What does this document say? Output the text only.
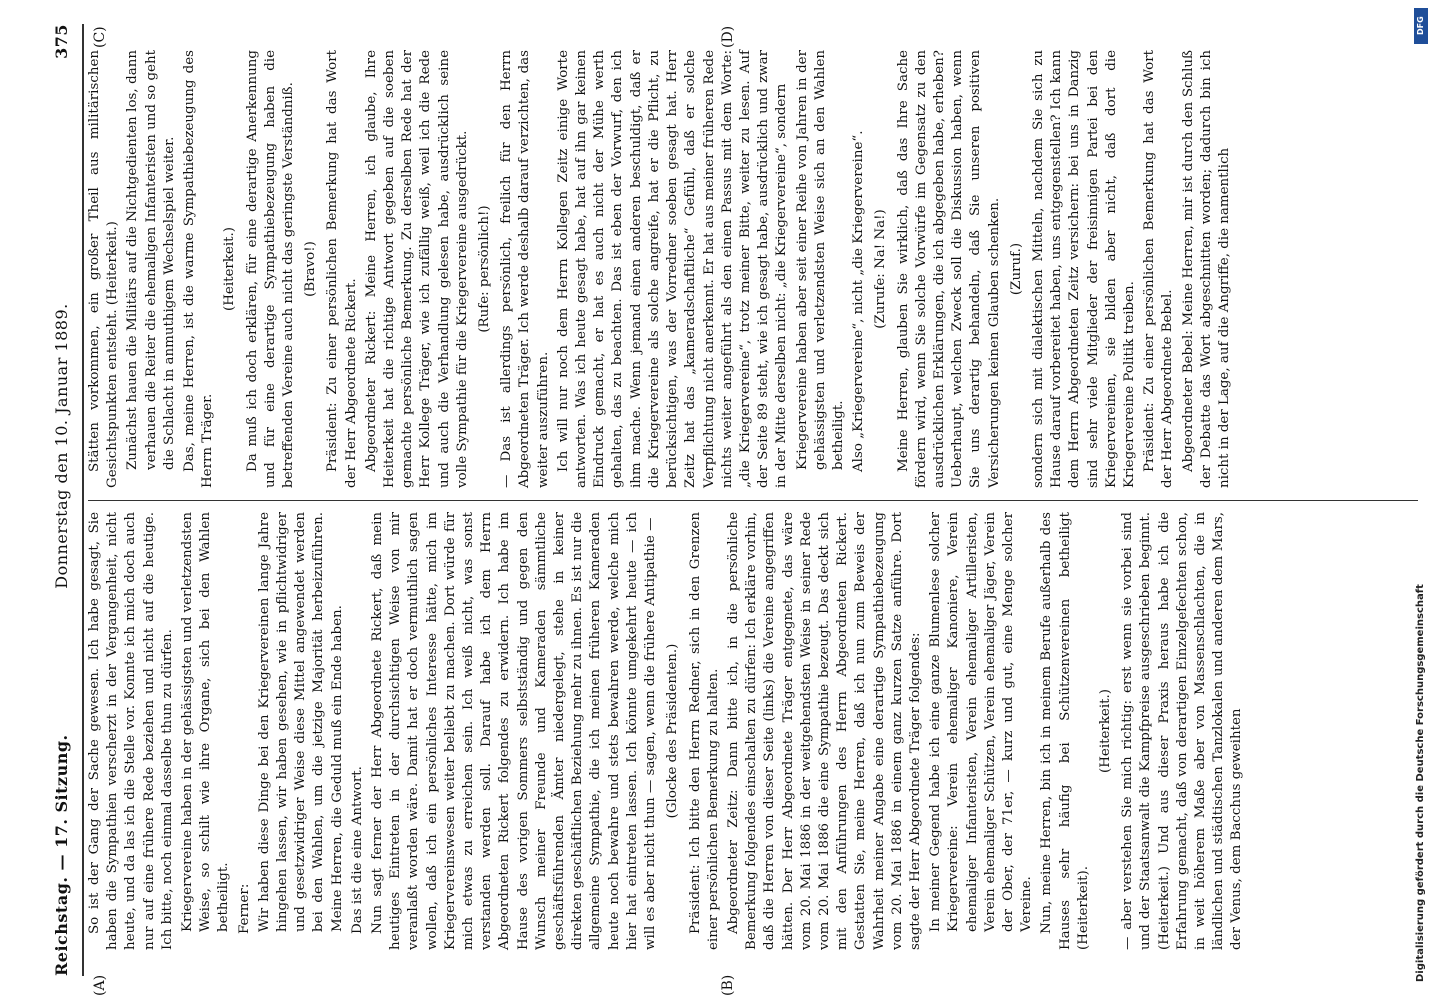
Reichstag. — 17. Sitzung.
Donnerstag den 10. Januar 1889.
375
(A)	(B)
(C)	(D)

So ist der Gang der Sache gewesen. Ich habe gesagt, Sie haben die Sympathien verscherzt in der Vergangenheit, nicht heute, und da las ich die Stelle vor. Konnte ich mich doch auch nur auf eine frühere Rede beziehen und nicht auf die heutige. Ich bitte, noch einmal dasselbe thun zu dürfen. Kriegervereine haben in der gehässigsten und verletzendsten Weise, so schilt wie ihre Organe, sich bei den Wahlen betheiligt. Ferner: Wir haben diese Dinge bei den Kriegervereinen lange Jahre hingehen lassen, wir haben gesehen, wie in pflichtwidriger und gesetzwidriger Weise diese Mittel angewendet werden bei den Wahlen, um die jetzige Majorität herbeizuführen. Meine Herren, die Geduld muß ein Ende haben. Das ist die eine Antwort. Nun sagt ferner der Herr Abgeordnete Rickert, daß mein heutiges Eintreten in der durchsichtigen Weise von mir veranlaßt worden wäre. Damit hat er doch vermuthlich sagen wollen, daß ich ein persönliches Interesse hätte, mich im Kriegervereinswesen weiter beliebt zu machen. Dort würde für mich etwas zu erreichen sein. Ich weiß nicht, was sonst verstanden werden soll. Darauf habe ich dem Herrn Abgeordneten Rickert folgendes zu erwidern. Ich habe im Hause des vorigen Sommers selbstständig und gegen den Wunsch meiner Freunde und Kameraden sämmtliche geschäftsführenden Ämter niedergelegt, stehe in keiner direkten geschäftlichen Beziehung mehr zu ihnen. Es ist nur die allgemeine Sympathie, die ich meinen früheren Kameraden heute noch bewahre und stets bewahren werde, welche mich hier hat eintreten lassen. Ich könnte umgekehrt heute — ich will es aber nicht thun — sagen, wenn die frühere Antipathie — (Glocke des Präsidenten.) Präsident: Ich bitte den Herrn Redner, sich in den Grenzen einer persönlichen Bemerkung zu halten. Abgeordneter Zeitz: Dann bitte ich, in die persönliche Bemerkung folgendes einschalten zu dürfen: Ich erkläre vorhin, daß die Herren von dieser Seite (links) die Vereine angegriffen hätten. Der Herr Abgeordnete Träger entgegnete, das wäre vom 20. Mai 1886 in der weitgehendsten Weise in seiner Rede vom 20. Mai 1886 die eine Sympathie bezeugt. Das deckt sich mit den Anführungen des Herrn Abgeordneten Rickert. Gestatten Sie, meine Herren, daß ich nun zum Beweis der Wahrheit meiner Angabe eine derartige Sympathiebezeugung vom 20. Mai 1886 in einem ganz kurzen Satze anführe. Dort sagte der Herr Abgeordnete Träger folgendes: In meiner Gegend habe ich eine ganze Blumenlese solcher Kriegervereine: Verein ehemaliger Kanoniere, Verein ehemaliger Infanteristen, Verein ehemaliger Artilleristen, Verein ehemaliger Schützen, Verein ehemaliger Jäger, Verein der Ober, der 71er, — kurz und gut, eine Menge solcher Vereine. Nun, meine Herren, bin ich in meinem Berufe außerhalb des Hauses sehr häufig bei Schützenvereinen betheiligt (Heiterkeit).

(Heiterkeit.) — aber verstehen Sie mich richtig: erst wenn sie vorbei sind und der Staatsanwalt die Kampfpreise ausgeschrieben beginnt. (Heiterkeit.) Und aus dieser Praxis heraus habe ich die Erfahrung gemacht, daß von derartigen Einzelgefechten schon, in weit höherem Maße aber von Massenschlachten, die in ländlichen und städtischen Tanzlokalen und anderen dem Mars, der Venus, dem Bacchus geweihten

Stätten vorkommen, ein großer Theil aus militärischen Gesichtspunkten entsteht. (Heiterkeit.) Zunächst hauen die Militärs auf die Nichtgedienten los, dann verhauen die Reiter die ehemaligen Infanteristen und so geht die Schlacht in anmuthigem Wechselspiel weiter. Das, meine Herren, ist die warme Sympathiebezeugung des Herrn Träger.

(Heiterkeit.) Da muß ich doch erklären, für eine derartige Anerkennung und für eine derartige Sympathiebezeugung haben die betreffenden Vereine auch nicht das geringste Verständniß. (Bravo!) Präsident: Zu einer persönlichen Bemerkung hat das Wort der Herr Abgeordnete Rickert. Abgeordneter Rickert: Meine Herren, ich glaube, Ihre Heiterkeit hat die richtige Antwort gegeben auf die soeben gemachte persönliche Bemerkung. Zu derselben Rede hat der Herr Kollege Träger, wie ich zufällig weiß, weil ich die Rede und auch die Verhandlung gelesen habe, ausdrücklich seine volle Sympathie für die Kriegervereine ausgedrückt. (Rufe: persönlich!) — Das ist allerdings persönlich, freilich für den Herrn Abgeordneten Träger. Ich werde deshalb darauf verzichten, das weiter auszuführen. Ich will nur noch dem Herrn Kollegen Zeitz einige Worte antworten. Was ich heute gesagt habe, hat auf ihn gar keinen Eindruck gemacht, er hat es auch nicht der Mühe werth gehalten, das zu beachten. Das ist eben der Vorwurf, den ich ihm mache. Wenn jemand einen anderen beschuldigt, daß er die Kriegervereine als solche angreife, hat er die Pflicht, zu berücksichtigen, was der Vorredner soeben gesagt hat. Herr Zeitz hat das „kameradschaftliche“ Gefühl, daß er solche Verpflichtung nicht anerkennt. Er hat aus meiner früheren Rede nichts weiter angeführt als den einen Passus mit dem Worte: „die Kriegervereine“, trotz meiner Bitte, weiter zu lesen. Auf der Seite 89 steht, wie ich gesagt habe, ausdrücklich und zwar in der Mitte derselben nicht: „die Kriegervereine“, sondern Kriegervereine haben aber seit einer Reihe von Jahren in der gehässigsten und verletzendsten Weise sich an den Wahlen betheiligt. Also „Kriegervereine“, nicht „die Kriegervereine“. (Zurufe: Na! Na!) Meine Herren, glauben Sie wirklich, daß das Ihre Sache fördern wird, wenn Sie solche Vorwürfe im Gegensatz zu den ausdrücklichen Erklärungen, die ich abgegeben habe, erheben? Ueberhaupt, welchen Zweck soll die Diskussion haben, wenn Sie uns derartig behandeln, daß Sie unseren positiven Versicherungen keinen Glauben schenken. (Zuruf.) sondern sich mit dialektischen Mitteln, nachdem Sie sich zu Hause darauf vorbereitet haben, uns entgegenstellen? Ich kann dem Herrn Abgeordneten Zeitz versichern: bei uns in Danzig sind sehr viele Mitglieder der freisinnigen Partei bei den Kriegervereinen, sie bilden aber nicht, daß dort die Kriegervereine Politik treiben. Präsident: Zu einer persönlichen Bemerkung hat das Wort der Herr Abgeordnete Bebel. Abgeordneter Bebel: Meine Herren, mir ist durch den Schluß der Debatte das Wort abgeschnitten worden; dadurch bin ich nicht in der Lage, auf die Angriffe, die namentlich

Digitalisierung gefördert durch die Deutsche Forschungsgemeinschaft
DFG
